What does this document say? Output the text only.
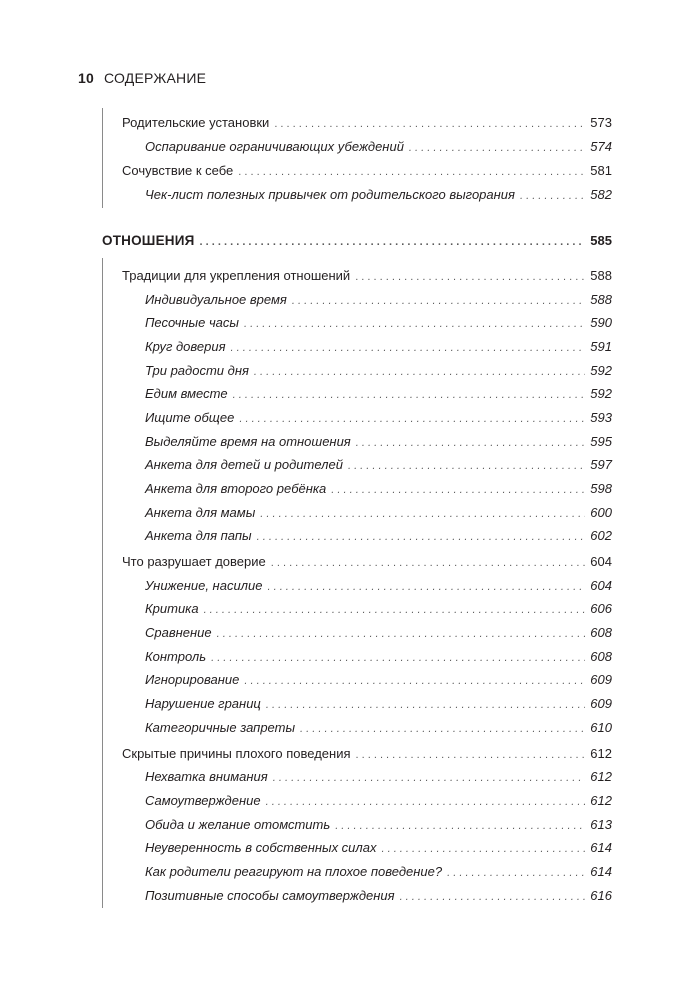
10 СОДЕРЖАНИЕ
Родительские установки . . .	573
Оспаривание ограничивающих убеждений . . .	574
Сочувствие к себе . . .	581
Чек-лист полезных привычек от родительского выгорания . . .	582
ОТНОШЕНИЯ . . .	585
Традиции для укрепления отношений . . .	588
Индивидуальное время . . .	588
Песочные часы . . .	590
Круг доверия . . .	591
Три радости дня . . .	592
Едим вместе . . .	592
Ищите общее . . .	593
Выделяйте время на отношения . . .	595
Анкета для детей и родителей . . .	597
Анкета для второго ребёнка . . .	598
Анкета для мамы . . .	600
Анкета для папы . . .	602
Что разрушает доверие . . .	604
Унижение, насилие . . .	604
Критика . . .	606
Сравнение . . .	608
Контроль . . .	608
Игнорирование . . .	609
Нарушение границ . . .	609
Категоричные запреты . . .	610
Скрытые причины плохого поведения . . .	612
Нехватка внимания . . .	612
Самоутверждение . . .	612
Обида и желание отомстить . . .	613
Неуверенность в собственных силах . . .	614
Как родители реагируют на плохое поведение? . . .	614
Позитивные способы самоутверждения . . .	616
